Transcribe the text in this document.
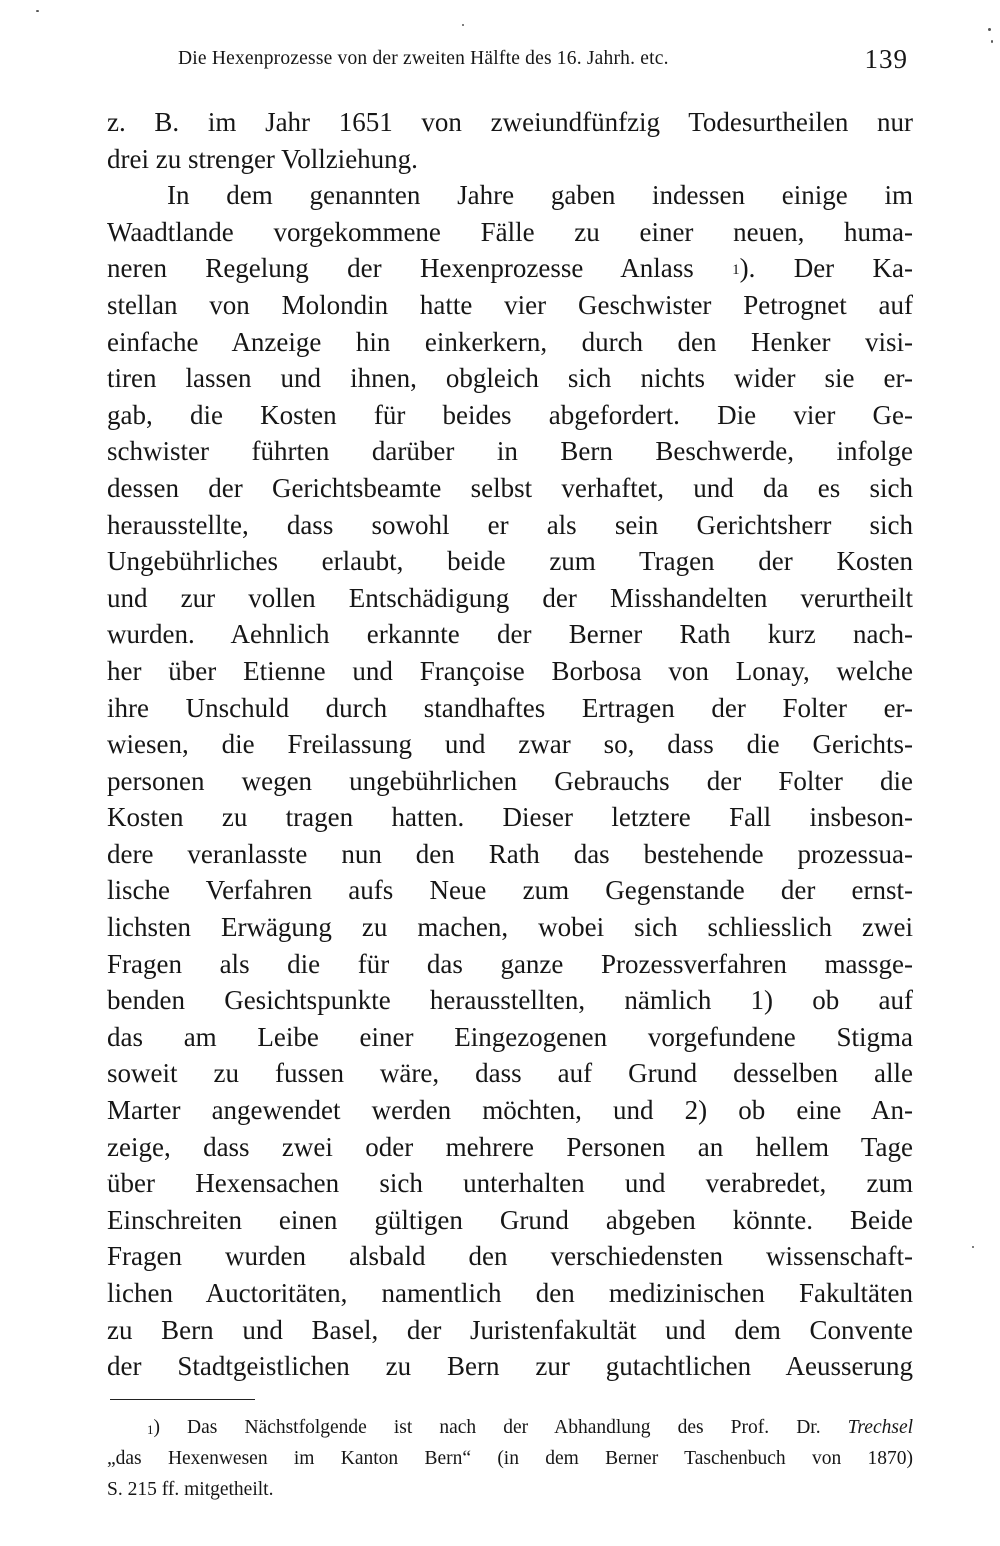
Die Hexenprozesse von der zweiten Hälfte des 16. Jahrh. etc.	139
z. B. im Jahr 1651 von zweiundfünfzig Todesurtheilen nur
drei zu strenger Vollziehung.
In dem genannten Jahre gaben indessen einige im
Waadtlande vorgekommene Fälle zu einer neuen, huma-
neren Regelung der Hexenprozesse Anlass	$^1$). Der Ka-
stellan von Molondin hatte vier Geschwister Petrognet auf
einfache Anzeige hin einkerkern, durch den Henker visi-
tiren lassen und ihnen, obgleich sich nichts wider sie er-
gab, die Kosten für beides abgefordert. Die vier Ge-
schwister führten darüber in Bern Beschwerde, infolge
dessen der Gerichtsbeamte selbst verhaftet, und da es sich
herausstellte, dass sowohl er als sein Gerichtsherr sich
Ungebührliches erlaubt, beide zum Tragen der Kosten
und zur vollen Entschädigung der Misshandelten verurtheilt
wurden. Aehnlich erkannte der Berner Rath kurz nach-
her über Etienne und Françoise Borbosa von Lonay, welche
ihre Unschuld durch standhaftes Ertragen der Folter er-
wiesen, die Freilassung und zwar so, dass die Gerichts-
personen wegen ungebührlichen Gebrauchs der Folter die
Kosten zu tragen hatten. Dieser letztere Fall insbeson-
dere veranlasste nun den Rath das bestehende prozessua-
lische Verfahren aufs Neue zum Gegenstande der ernst-
lichsten Erwägung zu machen, wobei sich schliesslich zwei
Fragen als die für das ganze Prozessverfahren massge-
benden Gesichtspunkte herausstellten, nämlich 1) ob auf
das am Leibe einer Eingezogenen vorgefundene Stigma
soweit zu fussen wäre, dass auf Grund desselben alle
Marter angewendet werden möchten, und 2) ob eine An-
zeige, dass zwei oder mehrere Personen an hellem Tage
über Hexensachen sich unterhalten und verabredet, zum
Einschreiten einen gültigen Grund abgeben könnte. Beide
Fragen wurden alsbald den verschiedensten wissenschaft-
lichen Auctoritäten, namentlich den medizinischen Fakultäten
zu Bern und Basel, der Juristenfakultät und dem Convente
der Stadtgeistlichen zu Bern zur gutachtlichen Aeusserung
$^1$) Das Nächstfolgende ist nach der Abhandlung des Prof. Dr. Trechsel
„das Hexenwesen im Kanton Bern“ (in dem Berner Taschenbuch von 1870)
S. 215 ff. mitgetheilt.
